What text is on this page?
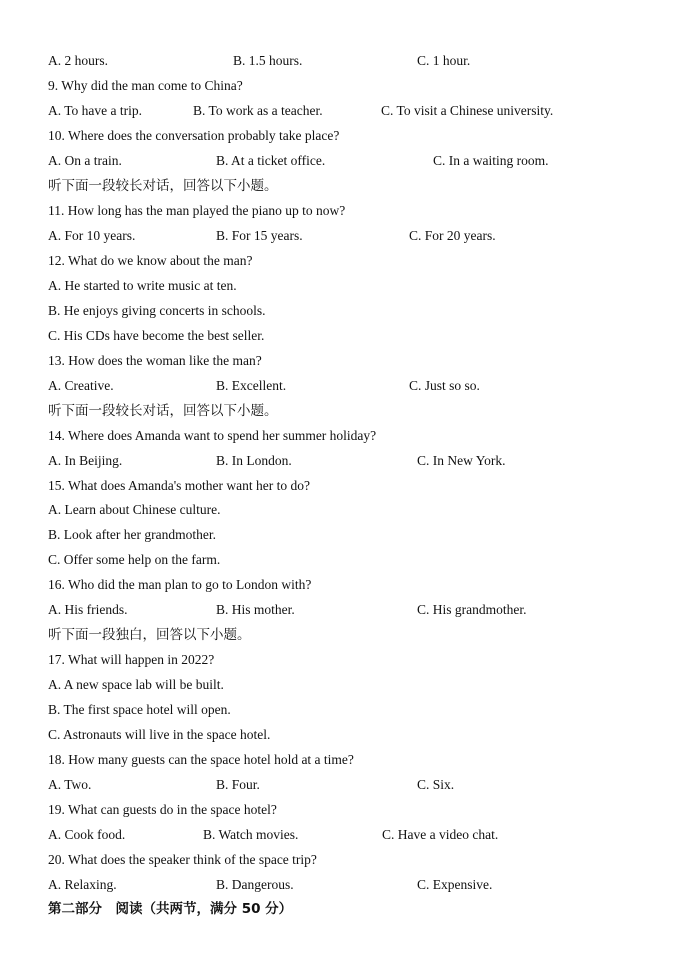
A. 2 hours.	B. 1.5 hours.	C. 1 hour.
9. Why did the man come to China?
A. To have a trip.	B. To work as a teacher.	C. To visit a Chinese university.
10. Where does the conversation probably take place?
A. On a train.	B. At a ticket office.	C. In a waiting room.
听下面一段较长对话，回答以下小题。
11. How long has the man played the piano up to now?
A. For 10 years.	B. For 15 years.	C. For 20 years.
12. What do we know about the man?
A. He started to write music at ten.
B. He enjoys giving concerts in schools.
C. His CDs have become the best seller.
13. How does the woman like the man?
A. Creative.	B. Excellent.	C. Just so so.
听下面一段较长对话，回答以下小题。
14. Where does Amanda want to spend her summer holiday?
A. In Beijing.	B. In London.	C. In New York.
15. What does Amanda's mother want her to do?
A. Learn about Chinese culture.
B. Look after her grandmother.
C. Offer some help on the farm.
16. Who did the man plan to go to London with?
A. His friends.	B. His mother.	C. His grandmother.
听下面一段独白，回答以下小题。
17. What will happen in 2022?
A. A new space lab will be built.
B. The first space hotel will open.
C. Astronauts will live in the space hotel.
18. How many guests can the space hotel hold at a time?
A. Two.	B. Four.	C. Six.
19. What can guests do in the space hotel?
A. Cook food.	B. Watch movies.	C. Have a video chat.
20. What does the speaker think of the space trip?
A. Relaxing.	B. Dangerous.	C. Expensive.
第二部分　阅读（共两节，满分 50 分）
